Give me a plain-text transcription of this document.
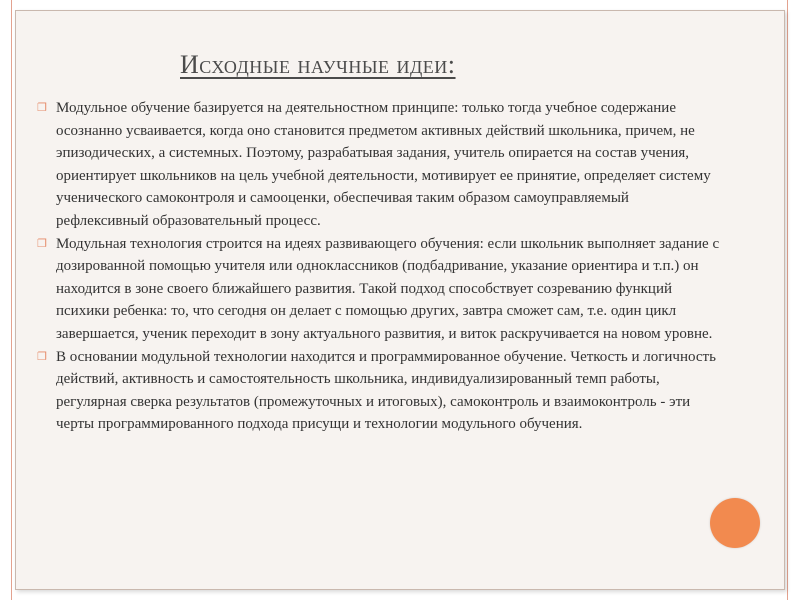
Исходные научные идеи:

❐ Модульное обучение базируется на деятельностном принципе: только тогда учебное содержание осознанно усваивается, когда оно становится предметом активных действий школьника, причем, не эпизодических, а системных. Поэтому, разрабатывая задания, учитель опирается на состав учения, ориентирует школьников на цель учебной деятельности, мотивирует ее принятие, определяет систему ученического самоконтроля и самооценки, обеспечивая таким образом самоуправляемый рефлексивный образовательный процесс.

❐ Модульная технология строится на идеях развивающего обучения: если школьник выполняет задание с дозированной помощью учителя или одноклассников (подбадривание, указание ориентира и т.п.) он находится в зоне своего ближайшего развития. Такой подход способствует созреванию функций психики ребенка: то, что сегодня он делает с помощью других, завтра сможет сам, т.е. один цикл завершается, ученик переходит в зону актуального развития, и виток раскручивается на новом уровне.

❐ В основании модульной технологии находится и программированное обучение. Четкость и логичность действий, активность и самостоятельность школьника, индивидуализированный темп работы, регулярная сверка результатов (промежуточных и итоговых), самоконтроль и взаимоконтроль - эти черты программированного подхода присущи и технологии модульного обучения.
